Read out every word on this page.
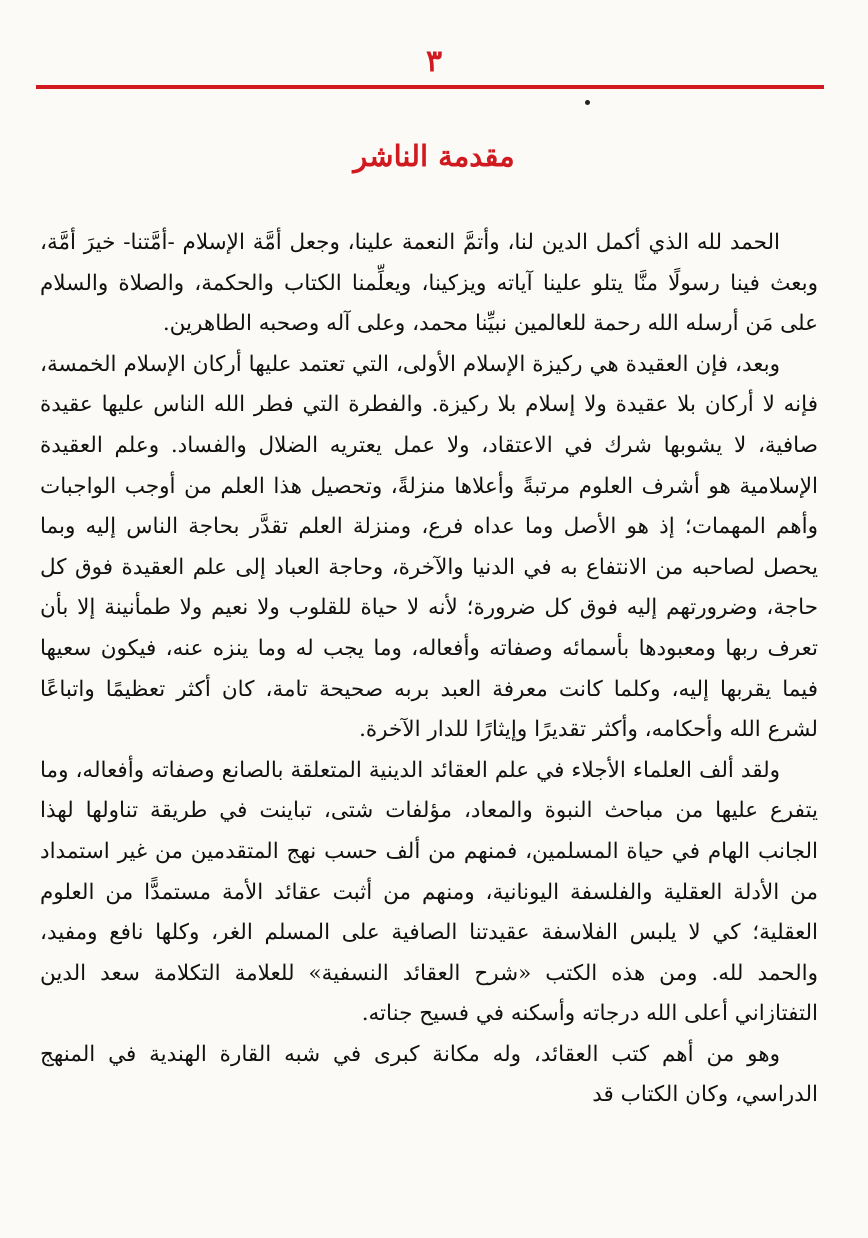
٣
مقدمة الناشر

الحمد لله الذي أكمل الدين لنا، وأتمَّ النعمة علينا، وجعل أمَّة الإسلام -أمَّتنا- خيرَ أمَّة، وبعث فينا رسولًا منَّا يتلو علينا آياته ويزكينا، ويعلِّمنا الكتاب والحكمة، والصلاة والسلام على مَن أرسله الله رحمة للعالمين نبيِّنا محمد، وعلى آله وصحبه الطاهرين.

وبعد، فإن العقيدة هي ركيزة الإسلام الأولى، التي تعتمد عليها أركان الإسلام الخمسة، فإنه لا أركان بلا عقيدة ولا إسلام بلا ركيزة. والفطرة التي فطر الله الناس عليها عقيدة صافية، لا يشوبها شرك في الاعتقاد، ولا عمل يعتريه الضلال والفساد. وعلم العقيدة الإسلامية هو أشرف العلوم مرتبةً وأعلاها منزلةً، وتحصيل هذا العلم من أوجب الواجبات وأهم المهمات؛ إذ هو الأصل وما عداه فرع، ومنزلة العلم تقدَّر بحاجة الناس إليه وبما يحصل لصاحبه من الانتفاع به في الدنيا والآخرة، وحاجة العباد إلى علم العقيدة فوق كل حاجة، وضرورتهم إليه فوق كل ضرورة؛ لأنه لا حياة للقلوب ولا نعيم ولا طمأنينة إلا بأن تعرف ربها ومعبودها بأسمائه وصفاته وأفعاله، وما يجب له وما ينزه عنه، فيكون سعيها فيما يقربها إليه، وكلما كانت معرفة العبد بربه صحيحة تامة، كان أكثر تعظيمًا واتباعًا لشرع الله وأحكامه، وأكثر تقديرًا وإيثارًا للدار الآخرة.

ولقد ألف العلماء الأجلاء في علم العقائد الدينية المتعلقة بالصانع وصفاته وأفعاله، وما يتفرع عليها من مباحث النبوة والمعاد، مؤلفات شتى، تباينت في طريقة تناولها لهذا الجانب الهام في حياة المسلمين، فمنهم من ألف حسب نهج المتقدمين من غير استمداد من الأدلة العقلية والفلسفة اليونانية، ومنهم من أثبت عقائد الأمة مستمدًّا من العلوم العقلية؛ كي لا يلبس الفلاسفة عقيدتنا الصافية على المسلم الغر، وكلها نافع ومفيد، والحمد لله. ومن هذه الكتب «شرح العقائد النسفية» للعلامة التكلامة سعد الدين التفتازاني أعلى الله درجاته وأسكنه في فسيح جناته.

وهو من أهم كتب العقائد، وله مكانة كبرى في شبه القارة الهندية في المنهج الدراسي، وكان الكتاب قد
